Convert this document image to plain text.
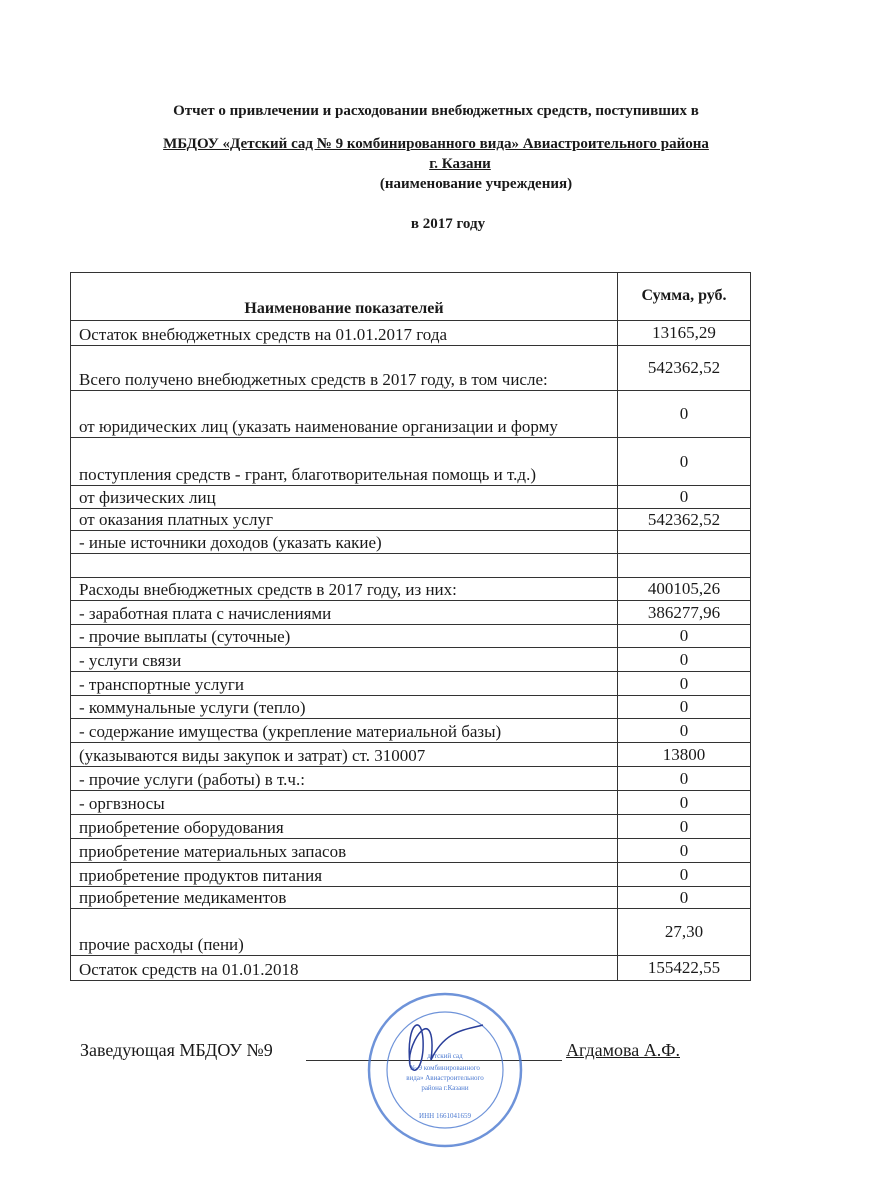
Отчет о привлечении и расходовании внебюджетных средств, поступивших в
МБДОУ «Детский сад № 9 комбинированного вида» Авиастроительного района
г. Казани
(наименование учреждения)
в 2017 году
Наименование показателей	Сумма, руб.
Остаток внебюджетных средств на 01.01.2017 года	13165,29
Всего получено внебюджетных средств в 2017 году, в том числе:	542362,52
от юридических лиц (указать наименование организации и форму	0
поступления средств - грант, благотворительная помощь и т.д.)	0
от физических лиц	0
от оказания платных услуг	542362,52
- иные источники доходов (указать какие)	

Расходы внебюджетных средств в 2017 году, из них:	400105,26
- заработная плата с начислениями	386277,96
- прочие выплаты (суточные)	0
- услуги связи	0
- транспортные услуги	0
- коммунальные услуги (тепло)	0
- содержание имущества (укрепление материальной базы)	0
(указываются виды закупок и затрат) ст. 310007	13800
- прочие услуги (работы) в т.ч.:	0
- оргвзносы	0
приобретение оборудования	0
приобретение материальных запасов	0
приобретение продуктов питания	0
приобретение медикаментов	0
прочие расходы (пени)	27,30
Остаток средств на 01.01.2018	155422,55
Заведующая МБДОУ №9	Агдамова А.Ф.
детский сад
№ 9 комбинированного
вида» Авиастроительного
района г.Казани
ИНН 1661041659
